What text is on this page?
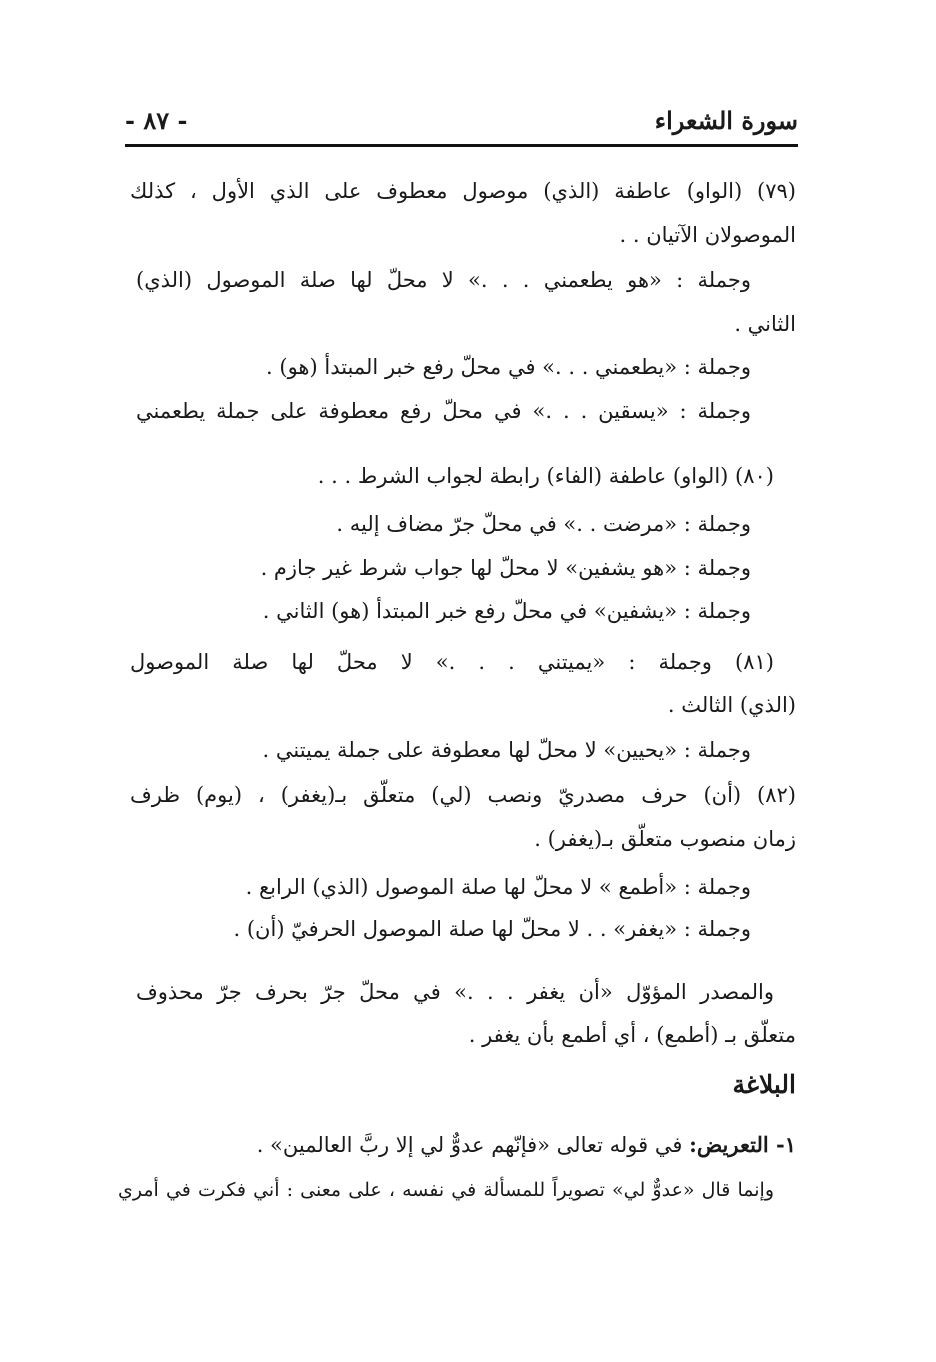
سورة الشعراء
- ٨٧ -
(٧٩) (الواو) عاطفة (الذي) موصول معطوف على الذي الأول ، كذلك
الموصولان الآتيان . .
وجملة : «هو يطعمني . . .» لا محلّ لها صلة الموصول (الذي)
الثاني .
وجملة : «يطعمني . . .» في محلّ رفع خبر المبتدأ (هو) .
وجملة : «يسقين . . .» في محلّ رفع معطوفة على جملة يطعمني
(٨٠) (الواو) عاطفة (الفاء) رابطة لجواب الشرط . . .
وجملة : «مرضت . .» في محلّ جرّ مضاف إليه .
وجملة : «هو يشفين» لا محلّ لها جواب شرط غير جازم .
وجملة : «يشفين» في محلّ رفع خبر المبتدأ (هو) الثاني .
(٨١) وجملة : «يميتني . . .» لا محلّ لها صلة الموصول
(الذي) الثالث .
وجملة : «يحيين» لا محلّ لها معطوفة على جملة يميتني .
(٨٢) (أن) حرف مصدريّ ونصب (لي) متعلّق بـ(يغفر) ، (يوم) ظرف
زمان منصوب متعلّق بـ(يغفر) .
وجملة : «أطمع » لا محلّ لها صلة الموصول (الذي) الرابع .
وجملة : «يغفر» . . لا محلّ لها صلة الموصول الحرفيّ (أن) .
والمصدر المؤوّل «أن يغفر . . .» في محلّ جرّ بحرف جرّ محذوف
متعلّق بـ (أطمع) ، أي أطمع بأن يغفر .
البلاغة
١- التعريض: في قوله تعالى «فإنّهم عدوٌّ لي إلا ربَّ العالمين» .
وإنما قال «عدوٌّ لي» تصويراً للمسألة في نفسه ، على معنى : أني فكرت في أمري
